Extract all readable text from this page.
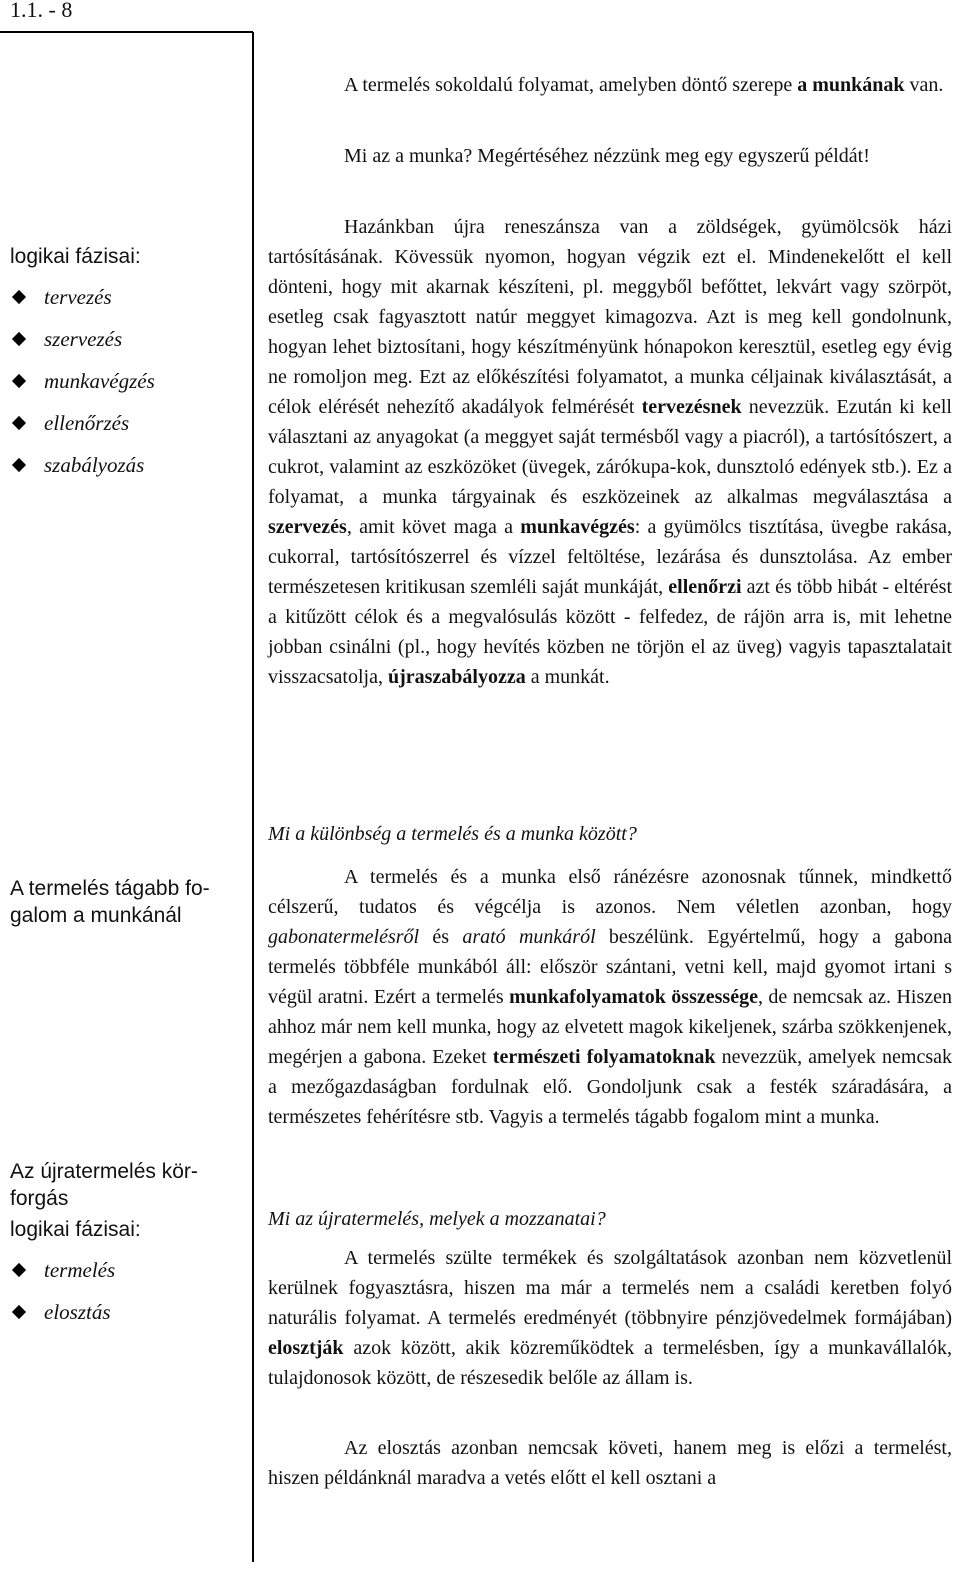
1.1. - 8

logikai fázisai:

tervezés
szervezés
munkavégzés
ellenőrzés
szabályozás

A termelés tágabb fo-
galom a munkánál

Az újratermelés kör-
forgás

logikai fázisai:

termelés
elosztás

A termelés sokoldalú folyamat, amelyben döntő szerepe a munkának van.

Mi az a munka? Megértéséhez nézzünk meg egy egyszerű példát!

Hazánkban újra reneszánsza van a zöldségek, gyümölcsök házi tartósításának. Kövessük nyomon, hogyan végzik ezt el. Mindenekelőtt el kell dönteni, hogy mit akarnak készíteni, pl. meggyből befőttet, lekvárt vagy szörpöt, esetleg csak fagyasztott natúr meggyet kimagozva. Azt is meg kell gondolnunk, hogyan lehet biztosítani, hogy készítményünk hónapokon keresztül, esetleg egy évig ne romoljon meg. Ezt az előkészítési folyamatot, a munka céljainak kiválasztását, a célok elérését nehezítő akadályok felmérését tervezésnek nevezzük. Ezután ki kell választani az anyagokat (a meggyet saját termésből vagy a piacról), a tartósítószert, a cukrot, valamint az eszközöket (üvegek, zárókupa-kok, dunsztoló edények stb.). Ez a folyamat, a munka tárgyainak és eszközeinek az alkalmas megválasztása a szervezés, amit követ maga a munkavégzés: a gyümölcs tisztítása, üvegbe rakása, cukorral, tartósítószerrel és vízzel feltöltése, lezárása és dunsztolása. Az ember természetesen kritikusan szemléli saját munkáját, ellenőrzi azt és több hibát - eltérést a kitűzött célok és a megvalósulás között - felfedez, de rájön arra is, mit lehetne jobban csinálni (pl., hogy hevítés közben ne törjön el az üveg) vagyis tapasztalatait visszacsatolja, újraszabályozza a munkát.

Mi a különbség a termelés és a munka között?

A termelés és a munka első ránézésre azonosnak tűnnek, mindkettő célszerű, tudatos és végcélja is azonos. Nem véletlen azonban, hogy gabonatermelésről és arató munkáról beszélünk. Egyértelmű, hogy a gabona termelés többféle munkából áll: először szántani, vetni kell, majd gyomot irtani s végül aratni. Ezért a termelés munkafolyamatok összessége, de nemcsak az. Hiszen ahhoz már nem kell munka, hogy az elvetett magok kikeljenek, szárba szökkenjenek, megérjen a gabona. Ezeket természeti folyamatoknak nevezzük, amelyek nemcsak a mezőgazdaságban fordulnak elő. Gondoljunk csak a festék száradására, a természetes fehérítésre stb. Vagyis a termelés tágabb fogalom mint a munka.

Mi az újratermelés, melyek a mozzanatai?

A termelés szülte termékek és szolgáltatások azonban nem közvetlenül kerülnek fogyasztásra, hiszen ma már a termelés nem a családi keretben folyó naturális folyamat. A termelés eredményét (többnyire pénzjövedelmek formájában) elosztják azok között, akik közreműködtek a termelésben, így a munkavállalók, tulajdonosok között, de részesedik belőle az állam is.

Az elosztás azonban nemcsak követi, hanem meg is előzi a termelést, hiszen példánknál maradva a vetés előtt el kell osztani a
